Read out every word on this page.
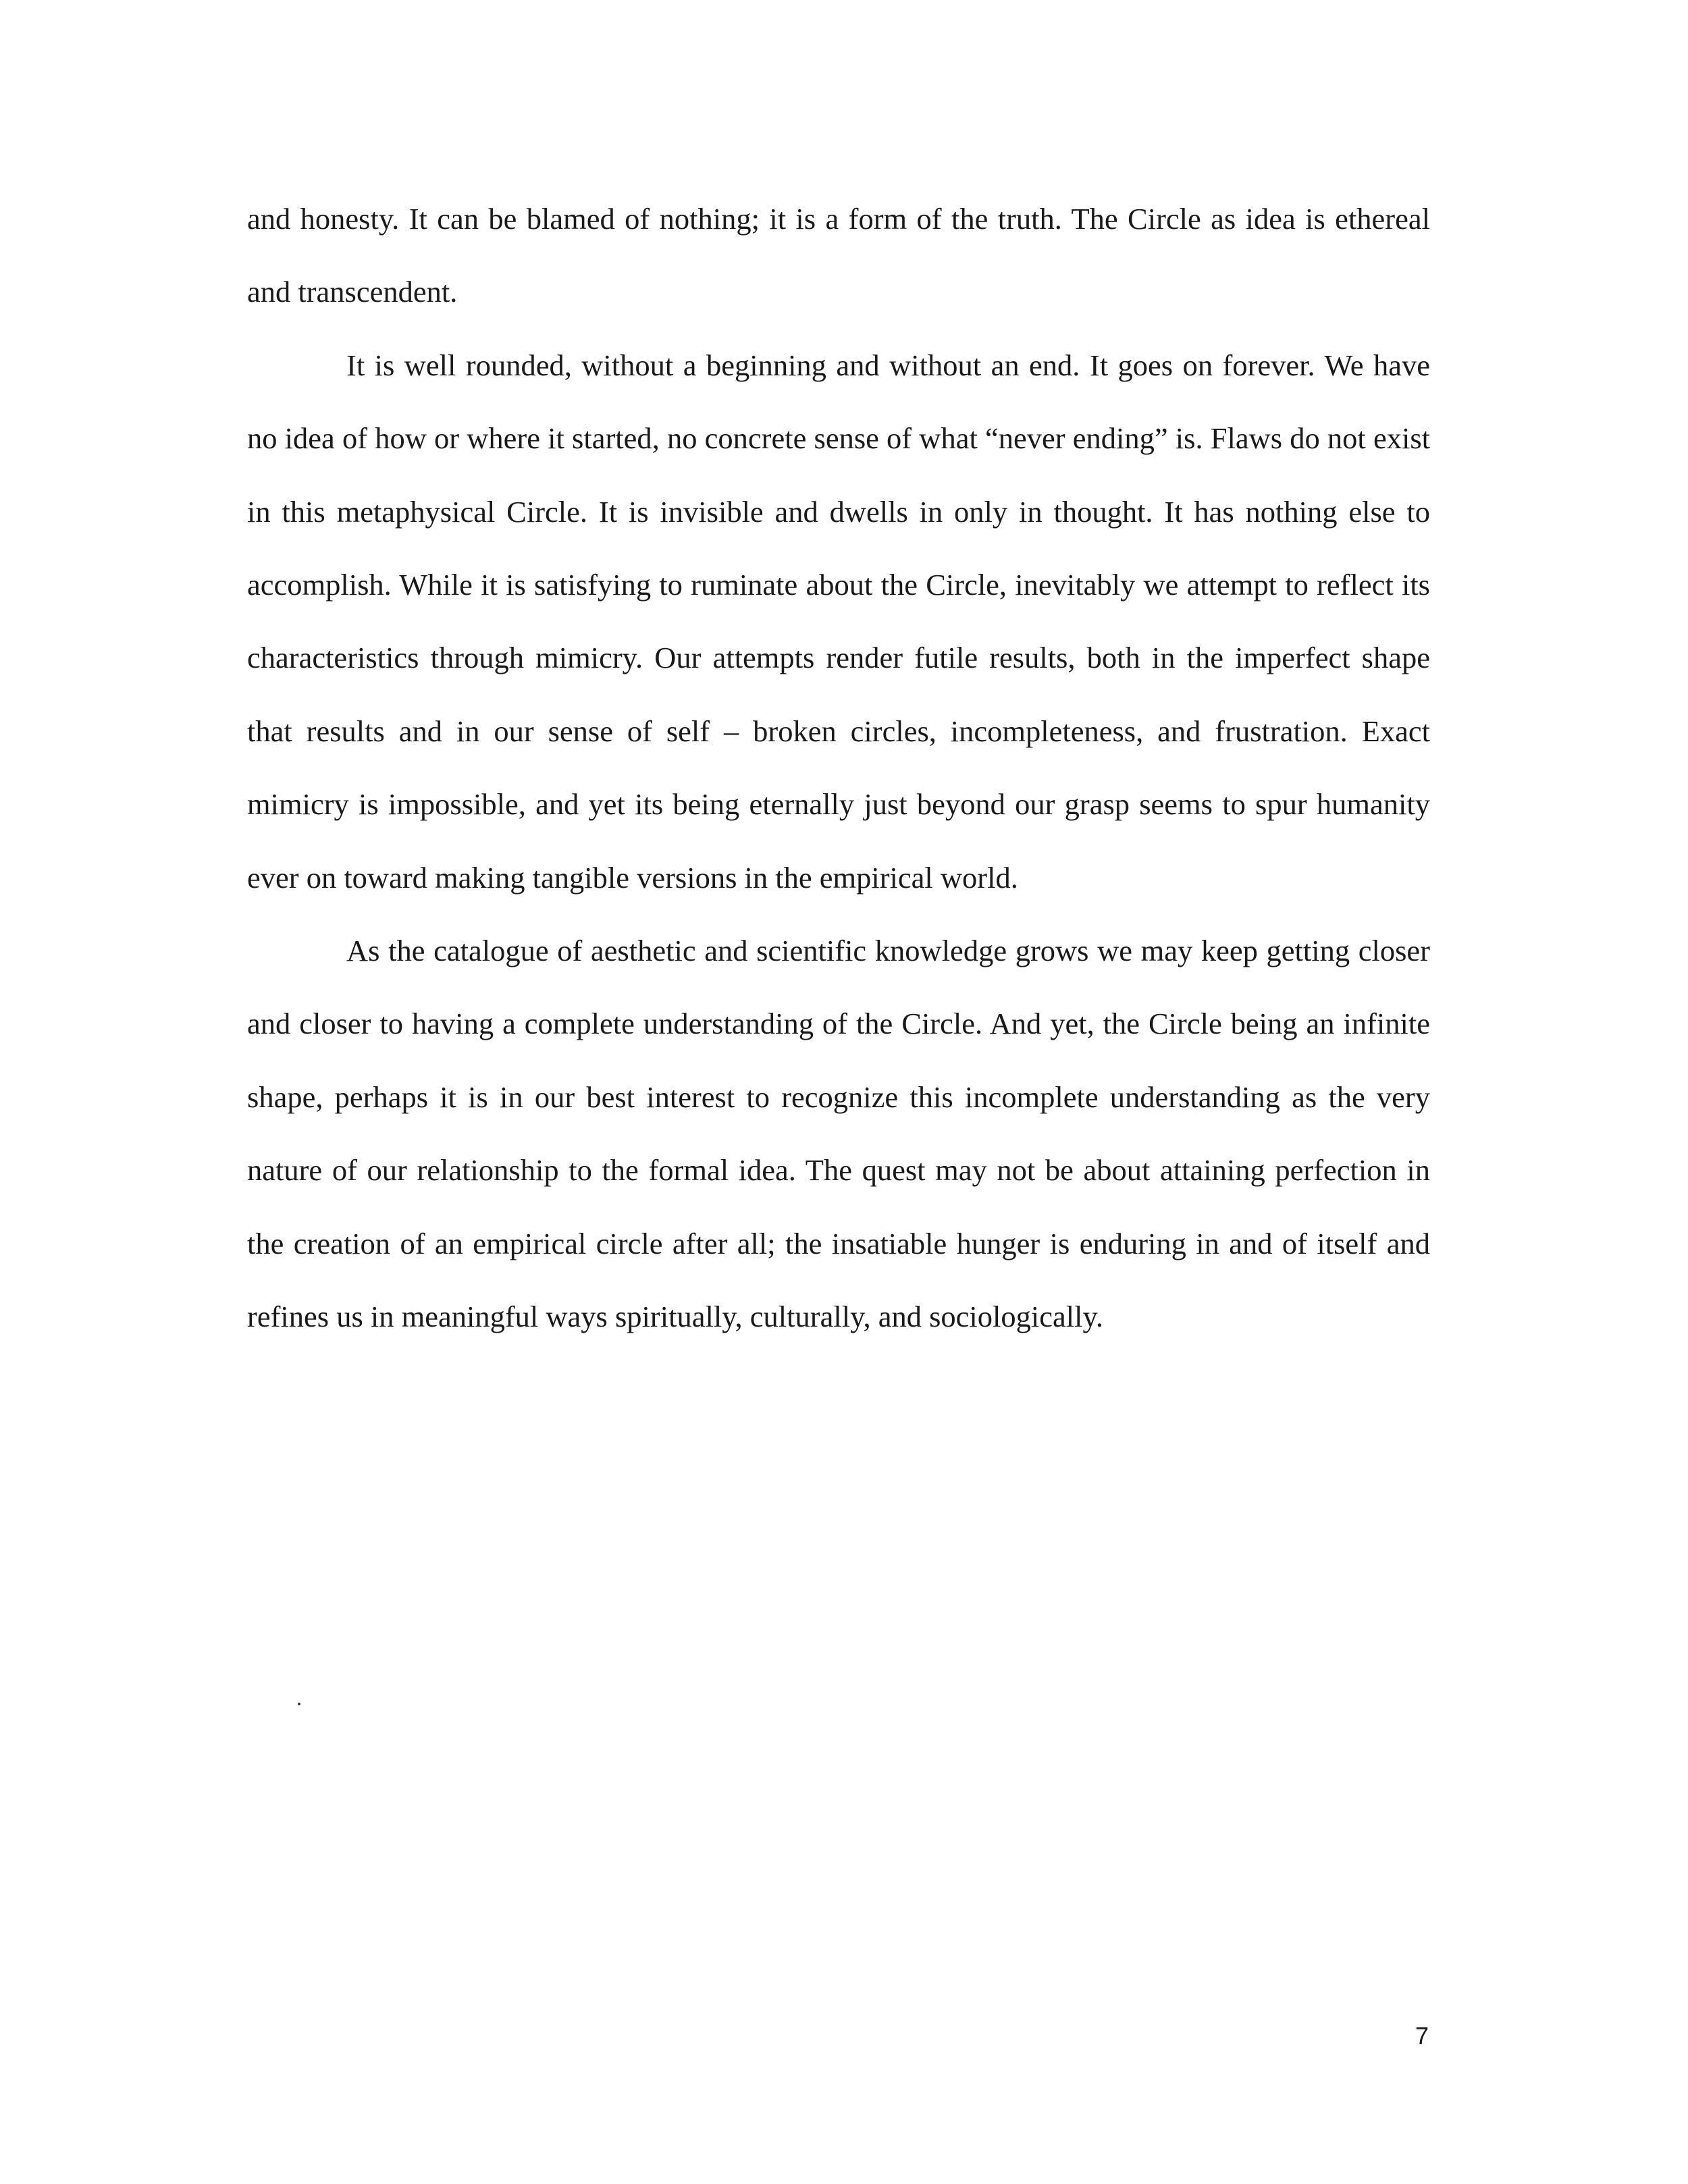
and honesty. It can be blamed of nothing; it is a form of the truth. The Circle as idea is ethereal and transcendent.

It is well rounded, without a beginning and without an end. It goes on forever. We have no idea of how or where it started, no concrete sense of what “never ending” is. Flaws do not exist in this metaphysical Circle. It is invisible and dwells in only in thought. It has nothing else to accomplish. While it is satisfying to ruminate about the Circle, inevitably we attempt to reflect its characteristics through mimicry. Our attempts render futile results, both in the imperfect shape that results and in our sense of self – broken circles, incompleteness, and frustration. Exact mimicry is impossible, and yet its being eternally just beyond our grasp seems to spur humanity ever on toward making tangible versions in the empirical world.

As the catalogue of aesthetic and scientific knowledge grows we may keep getting closer and closer to having a complete understanding of the Circle. And yet, the Circle being an infinite shape, perhaps it is in our best interest to recognize this incomplete understanding as the very nature of our relationship to the formal idea. The quest may not be about attaining perfection in the creation of an empirical circle after all; the insatiable hunger is enduring in and of itself and refines us in meaningful ways spiritually, culturally, and sociologically.

7
